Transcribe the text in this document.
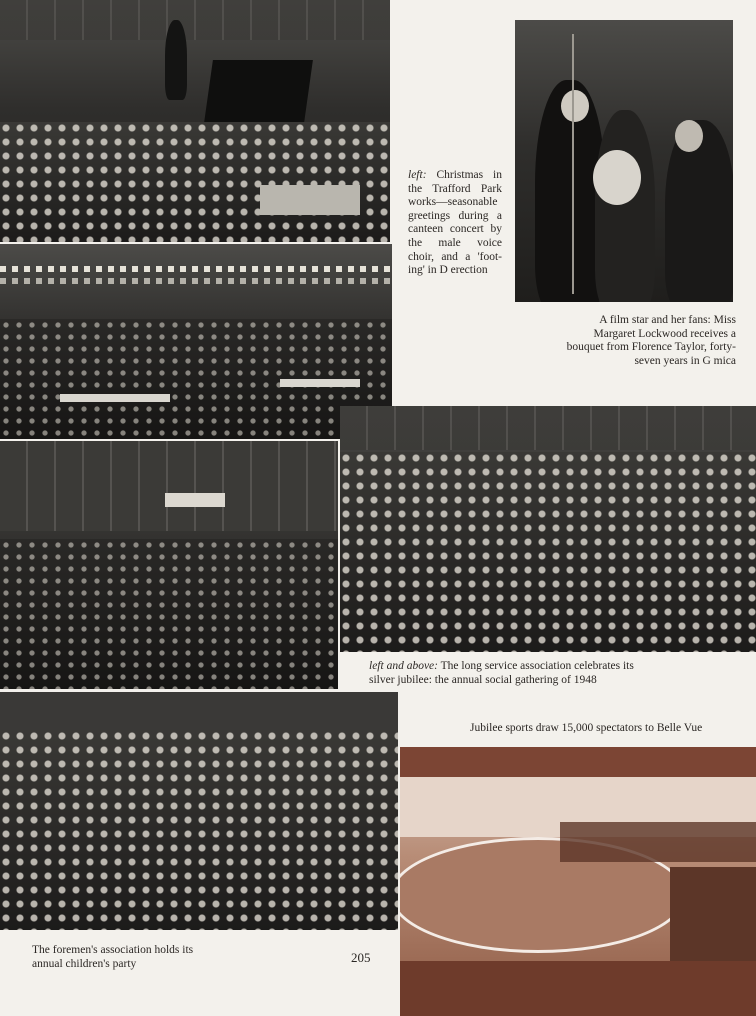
left: Christmas in the Trafford Park works—seasonable greetings during a canteen concert by the male voice choir, and a 'foot-ing' in D erection
A film star and her fans: Miss Margaret Lockwood receives a bouquet from Florence Taylor, forty-seven years in G mica
left and above: The long service association celebrates its silver jubilee: the annual social gathering of 1948
Jubilee sports draw 15,000 spectators to Belle Vue
The foremen's association holds its annual children's party	205
